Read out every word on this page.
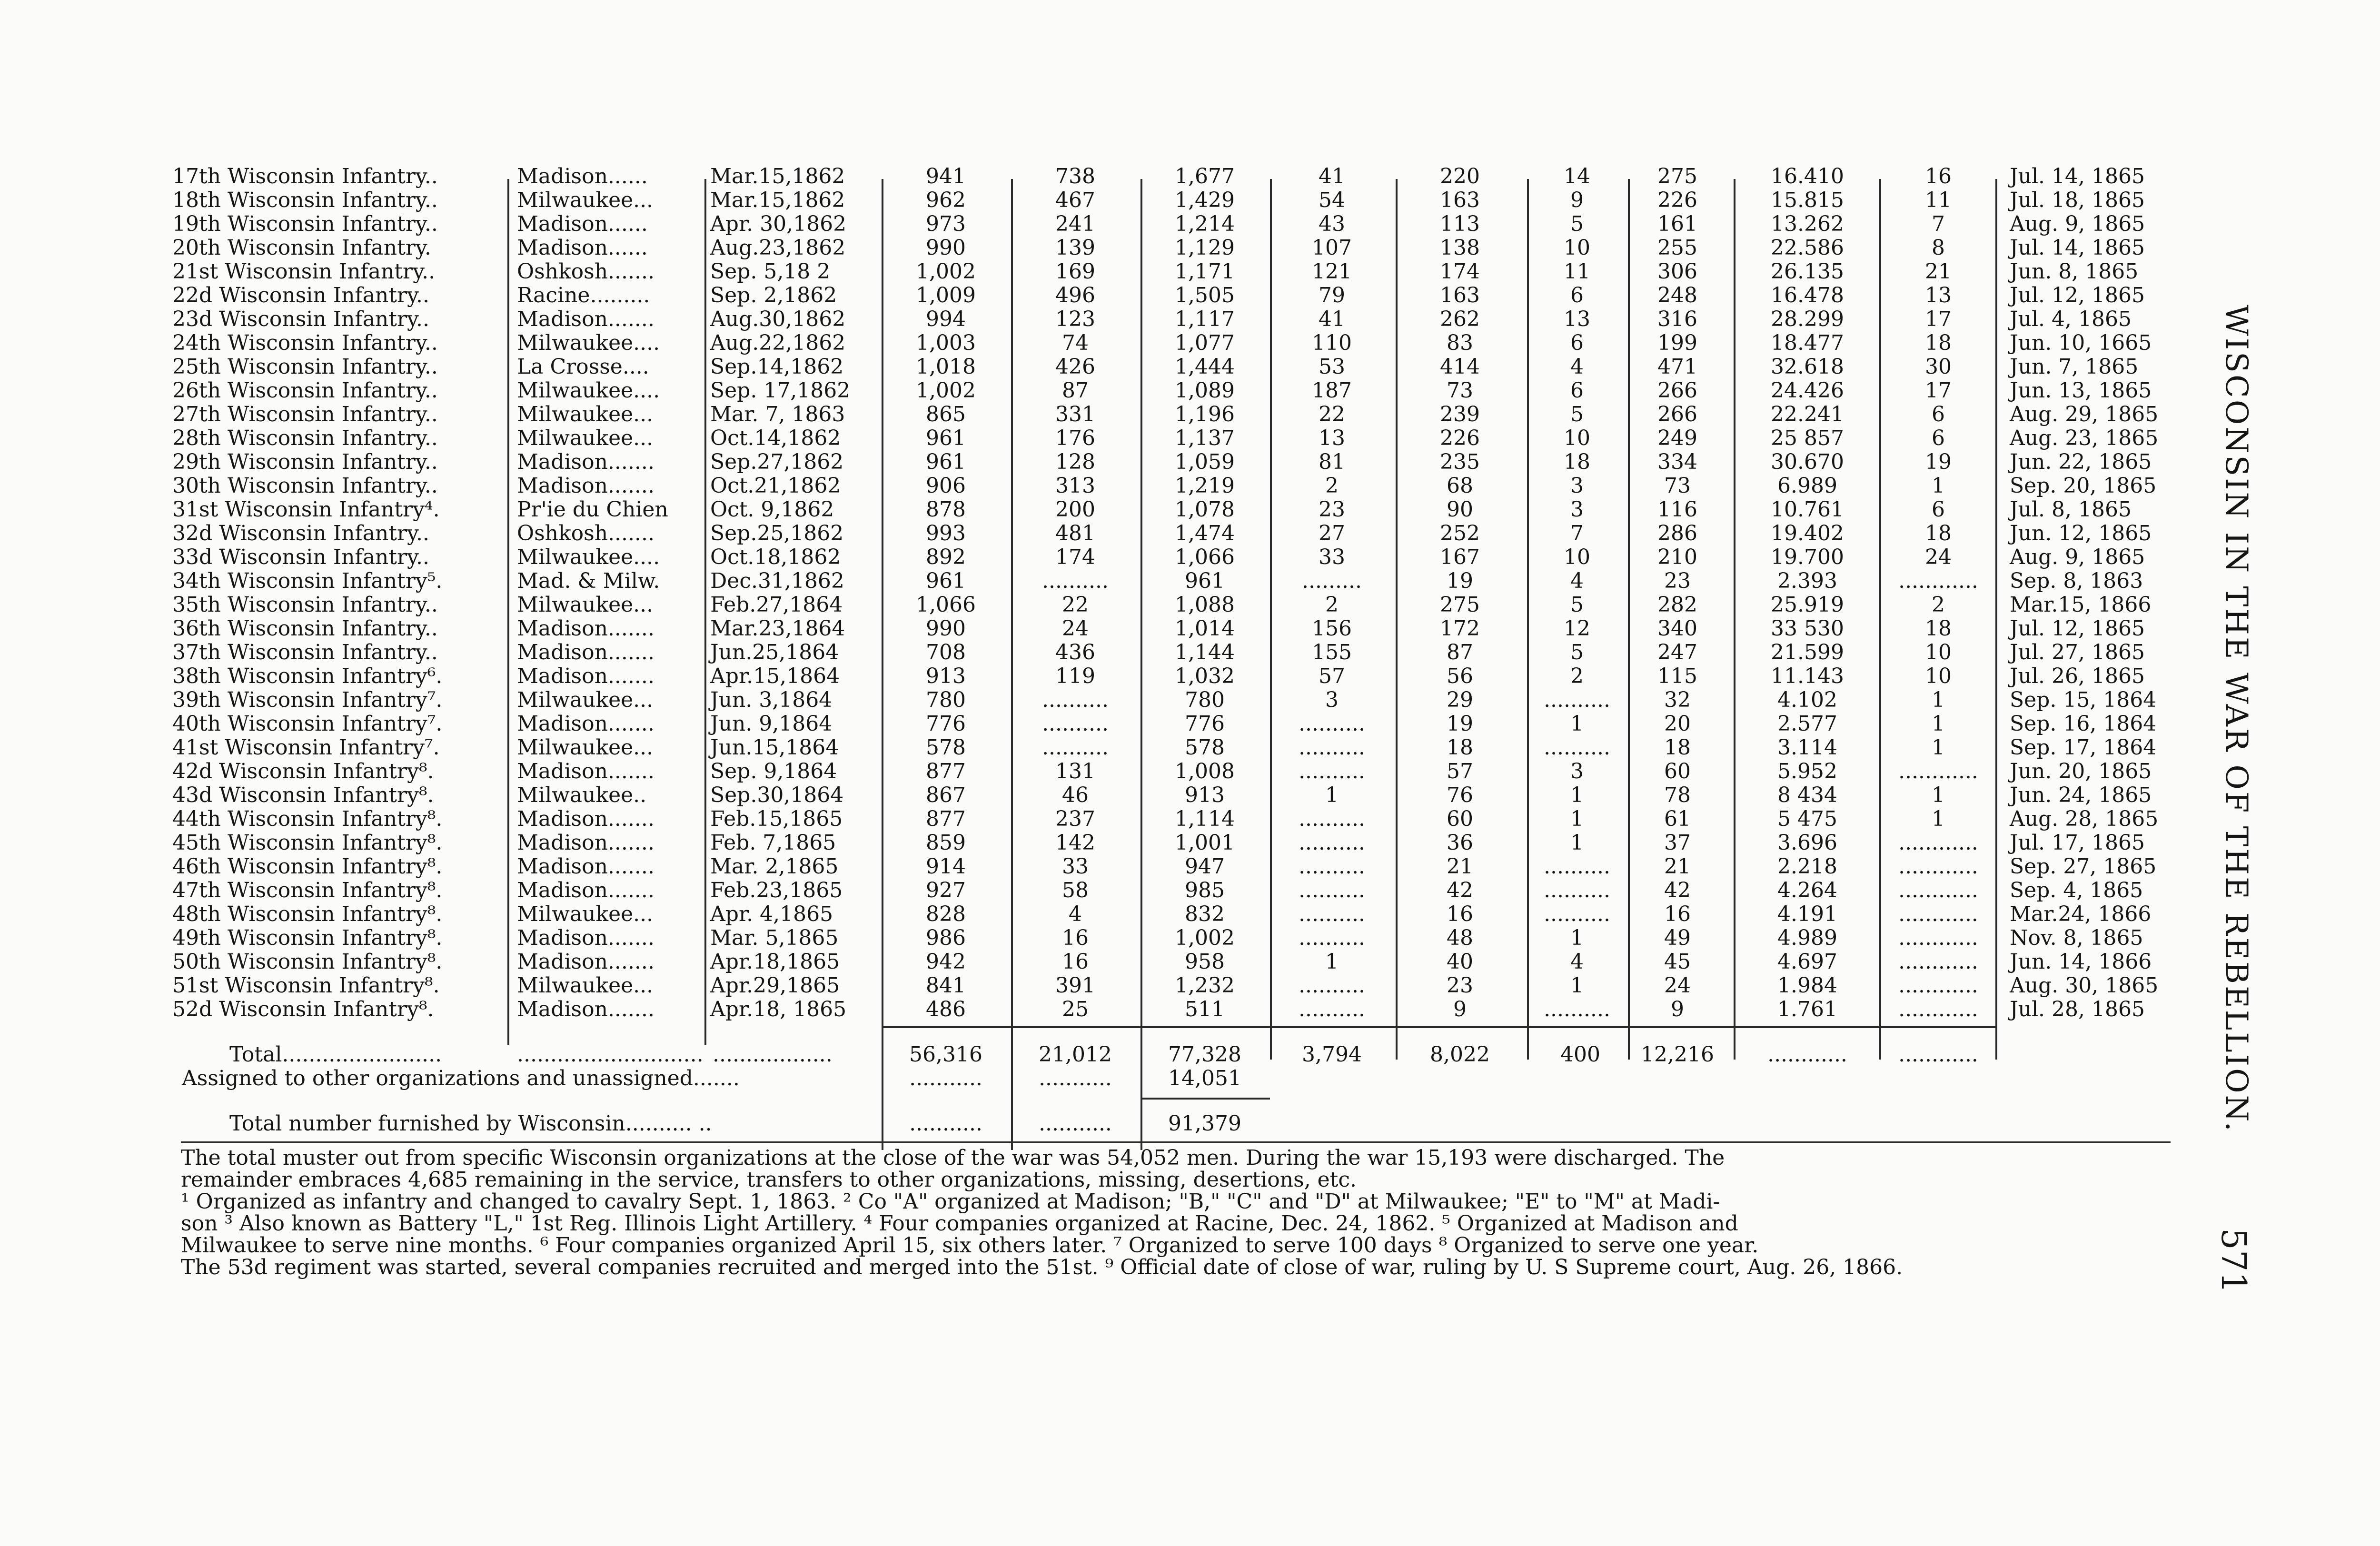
17th Wisconsin Infantry..	Madison......	Mar.15,1862	941	738	1,677	41	220	14	275	16.410	16	Jul. 14, 1865
18th Wisconsin Infantry..	Milwaukee...	Mar.15,1862	962	467	1,429	54	163	9	226	15.815	11	Jul. 18, 1865
19th Wisconsin Infantry..	Madison......	Apr. 30,1862	973	241	1,214	43	113	5	161	13.262	7	Aug. 9, 1865
20th Wisconsin Infantry.	Madison......	Aug.23,1862	990	139	1,129	107	138	10	255	22.586	8	Jul. 14, 1865
21st Wisconsin Infantry..	Oshkosh.......	Sep. 5,18 2	1,002	169	1,171	121	174	11	306	26.135	21	Jun. 8, 1865
22d Wisconsin Infantry..	Racine.........	Sep. 2,1862	1,009	496	1,505	79	163	6	248	16.478	13	Jul. 12, 1865
23d Wisconsin Infantry..	Madison.......	Aug.30,1862	994	123	1,117	41	262	13	316	28.299	17	Jul. 4, 1865
24th Wisconsin Infantry..	Milwaukee....	Aug.22,1862	1,003	74	1,077	110	83	6	199	18.477	18	Jun. 10, 1665
25th Wisconsin Infantry..	La Crosse....	Sep.14,1862	1,018	426	1,444	53	414	4	471	32.618	30	Jun. 7, 1865
26th Wisconsin Infantry..	Milwaukee....	Sep. 17,1862	1,002	87	1,089	187	73	6	266	24.426	17	Jun. 13, 1865
27th Wisconsin Infantry..	Milwaukee...	Mar. 7, 1863	865	331	1,196	22	239	5	266	22.241	6	Aug. 29, 1865
28th Wisconsin Infantry..	Milwaukee...	Oct.14,1862	961	176	1,137	13	226	10	249	25 857	6	Aug. 23, 1865
29th Wisconsin Infantry..	Madison.......	Sep.27,1862	961	128	1,059	81	235	18	334	30.670	19	Jun. 22, 1865
30th Wisconsin Infantry..	Madison.......	Oct.21,1862	906	313	1,219	2	68	3	73	6.989	1	Sep. 20, 1865
31st Wisconsin Infantry⁴.	Pr'ie du Chien	Oct. 9,1862	878	200	1,078	23	90	3	116	10.761	6	Jul. 8, 1865
32d Wisconsin Infantry..	Oshkosh.......	Sep.25,1862	993	481	1,474	27	252	7	286	19.402	18	Jun. 12, 1865
33d Wisconsin Infantry..	Milwaukee....	Oct.18,1862	892	174	1,066	33	167	10	210	19.700	24	Aug. 9, 1865
34th Wisconsin Infantry⁵.	Mad. & Milw.	Dec.31,1862	961	..........	961	.........	19	4	23	2.393	............	Sep. 8, 1863
35th Wisconsin Infantry..	Milwaukee...	Feb.27,1864	1,066	22	1,088	2	275	5	282	25.919	2	Mar.15, 1866
36th Wisconsin Infantry..	Madison.......	Mar.23,1864	990	24	1,014	156	172	12	340	33 530	18	Jul. 12, 1865
37th Wisconsin Infantry..	Madison.......	Jun.25,1864	708	436	1,144	155	87	5	247	21.599	10	Jul. 27, 1865
38th Wisconsin Infantry⁶.	Madison.......	Apr.15,1864	913	119	1,032	57	56	2	115	11.143	10	Jul. 26, 1865
39th Wisconsin Infantry⁷.	Milwaukee...	Jun. 3,1864	780	..........	780	3	29	..........	32	4.102	1	Sep. 15, 1864
40th Wisconsin Infantry⁷.	Madison.......	Jun. 9,1864	776	..........	776	..........	19	1	20	2.577	1	Sep. 16, 1864
41st Wisconsin Infantry⁷.	Milwaukee...	Jun.15,1864	578	..........	578	..........	18	..........	18	3.114	1	Sep. 17, 1864
42d Wisconsin Infantry⁸.	Madison.......	Sep. 9,1864	877	131	1,008	..........	57	3	60	5.952	............	Jun. 20, 1865
43d Wisconsin Infantry⁸.	Milwaukee..	Sep.30,1864	867	46	913	1	76	1	78	8 434	1	Jun. 24, 1865
44th Wisconsin Infantry⁸.	Madison.......	Feb.15,1865	877	237	1,114	..........	60	1	61	5 475	1	Aug. 28, 1865
45th Wisconsin Infantry⁸.	Madison.......	Feb. 7,1865	859	142	1,001	..........	36	1	37	3.696	............	Jul. 17, 1865
46th Wisconsin Infantry⁸.	Madison.......	Mar. 2,1865	914	33	947	..........	21	..........	21	2.218	............	Sep. 27, 1865
47th Wisconsin Infantry⁸.	Madison.......	Feb.23,1865	927	58	985	..........	42	..........	42	4.264	............	Sep. 4, 1865
48th Wisconsin Infantry⁸.	Milwaukee...	Apr. 4,1865	828	4	832	..........	16	..........	16	4.191	............	Mar.24, 1866
49th Wisconsin Infantry⁸.	Madison.......	Mar. 5,1865	986	16	1,002	..........	48	1	49	4.989	............	Nov. 8, 1865
50th Wisconsin Infantry⁸.	Madison.......	Apr.18,1865	942	16	958	1	40	4	45	4.697	............	Jun. 14, 1866
51st Wisconsin Infantry⁸.	Milwaukee...	Apr.29,1865	841	391	1,232	..........	23	1	24	1.984	............	Aug. 30, 1865
52d Wisconsin Infantry⁸.	Madison.......	Apr.18, 1865	486	25	511	..........	9	..........	9	1.761	............	Jul. 28, 1865
Total........................	............................ ..................	56,316	21,012	77,328	3,794	8,022	400	12,216	............	............
Assigned to other organizations and unassigned.......	...........	...........	14,051
Total number furnished by Wisconsin.......... ..	...........	...........	91,379
The total muster out from specific Wisconsin organizations at the close of the war was 54,052 men. During the war 15,193 were discharged. The
remainder embraces 4,685 remaining in the service, transfers to other organizations, missing, desertions, etc.
¹ Organized as infantry and changed to cavalry Sept. 1, 1863. ² Co "A" organized at Madison; "B," "C" and "D" at Milwaukee; "E" to "M" at Madi-
son ³ Also known as Battery "L," 1st Reg. Illinois Light Artillery. ⁴ Four companies organized at Racine, Dec. 24, 1862. ⁵ Organized at Madison and
Milwaukee to serve nine months. ⁶ Four companies organized April 15, six others later. ⁷ Organized to serve 100 days ⁸ Organized to serve one year.
The 53d regiment was started, several companies recruited and merged into the 51st. ⁹ Official date of close of war, ruling by U. S Supreme court, Aug. 26, 1866.
WISCONSIN IN THE WAR OF THE REBELLION.
571
